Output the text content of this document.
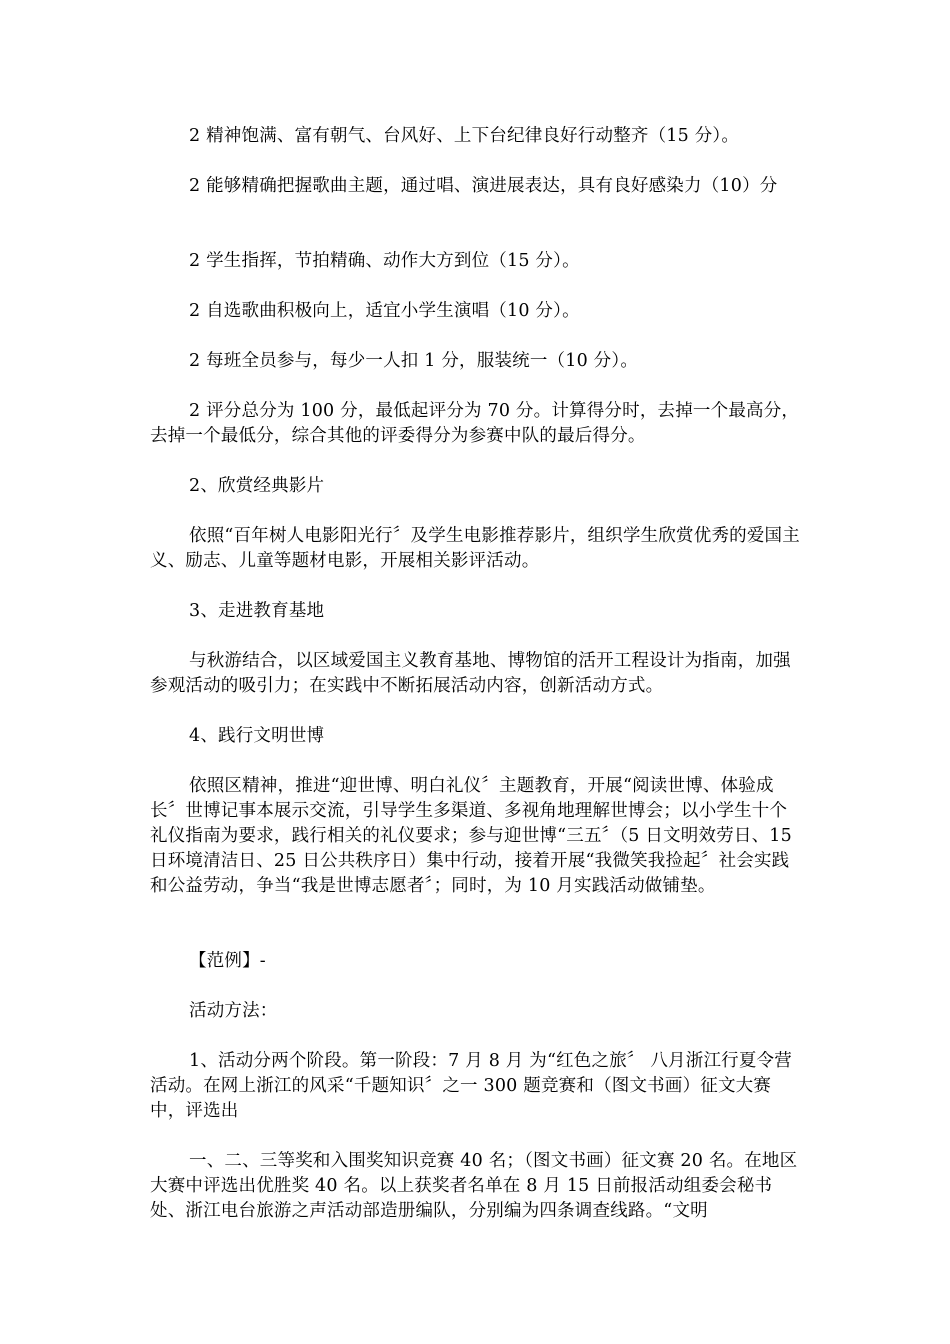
2 精神饱满、富有朝气、台风好、上下台纪律良好行动整齐（15 分）。

2 能够精确把握歌曲主题，通过唱、演进展表达，具有良好感染力（10）分

2 学生指挥，节拍精确、动作大方到位（15 分）。

2 自选歌曲积极向上，适宜小学生演唱（10 分）。

2 每班全员参与，每少一人扣 1 分，服装统一（10 分）。

2 评分总分为 100 分，最低起评分为 70 分。计算得分时，去掉一个最高分，去掉一个最低分，综合其他的评委得分为参赛中队的最后得分。

2、欣赏经典影片

依照“百年树人电影阳光行〞及学生电影推荐影片，组织学生欣赏优秀的爱国主义、励志、儿童等题材电影，开展相关影评活动。

3、走进教育基地

与秋游结合，以区域爱国主义教育基地、博物馆的活开工程设计为指南，加强参观活动的吸引力；在实践中不断拓展活动内容，创新活动方式。

4、践行文明世博

依照区精神，推进“迎世博、明白礼仪〞主题教育，开展“阅读世博、体验成长〞世博记事本展示交流，引导学生多渠道、多视角地理解世博会；以小学生十个礼仪指南为要求，践行相关的礼仪要求；参与迎世博“三五〞（5 日文明效劳日、15 日环境清洁日、25 日公共秩序日）集中行动，接着开展“我微笑我捡起〞社会实践和公益劳动，争当“我是世博志愿者〞；同时，为 10 月实践活动做铺垫。

【范例】-

活动方法：

1、活动分两个阶段。第一阶段：7 月 8 月 为“红色之旅〞 八月浙江行夏令营活动。在网上浙江的风采“千题知识〞之一 300 题竞赛和（图文书画）征文大赛中，评选出

一、二、三等奖和入围奖知识竞赛 40 名；（图文书画）征文赛 20 名。在地区大赛中评选出优胜奖 40 名。以上获奖者名单在 8 月 15 日前报活动组委会秘书处、浙江电台旅游之声活动部造册编队，分别编为四条调查线路。“文明
